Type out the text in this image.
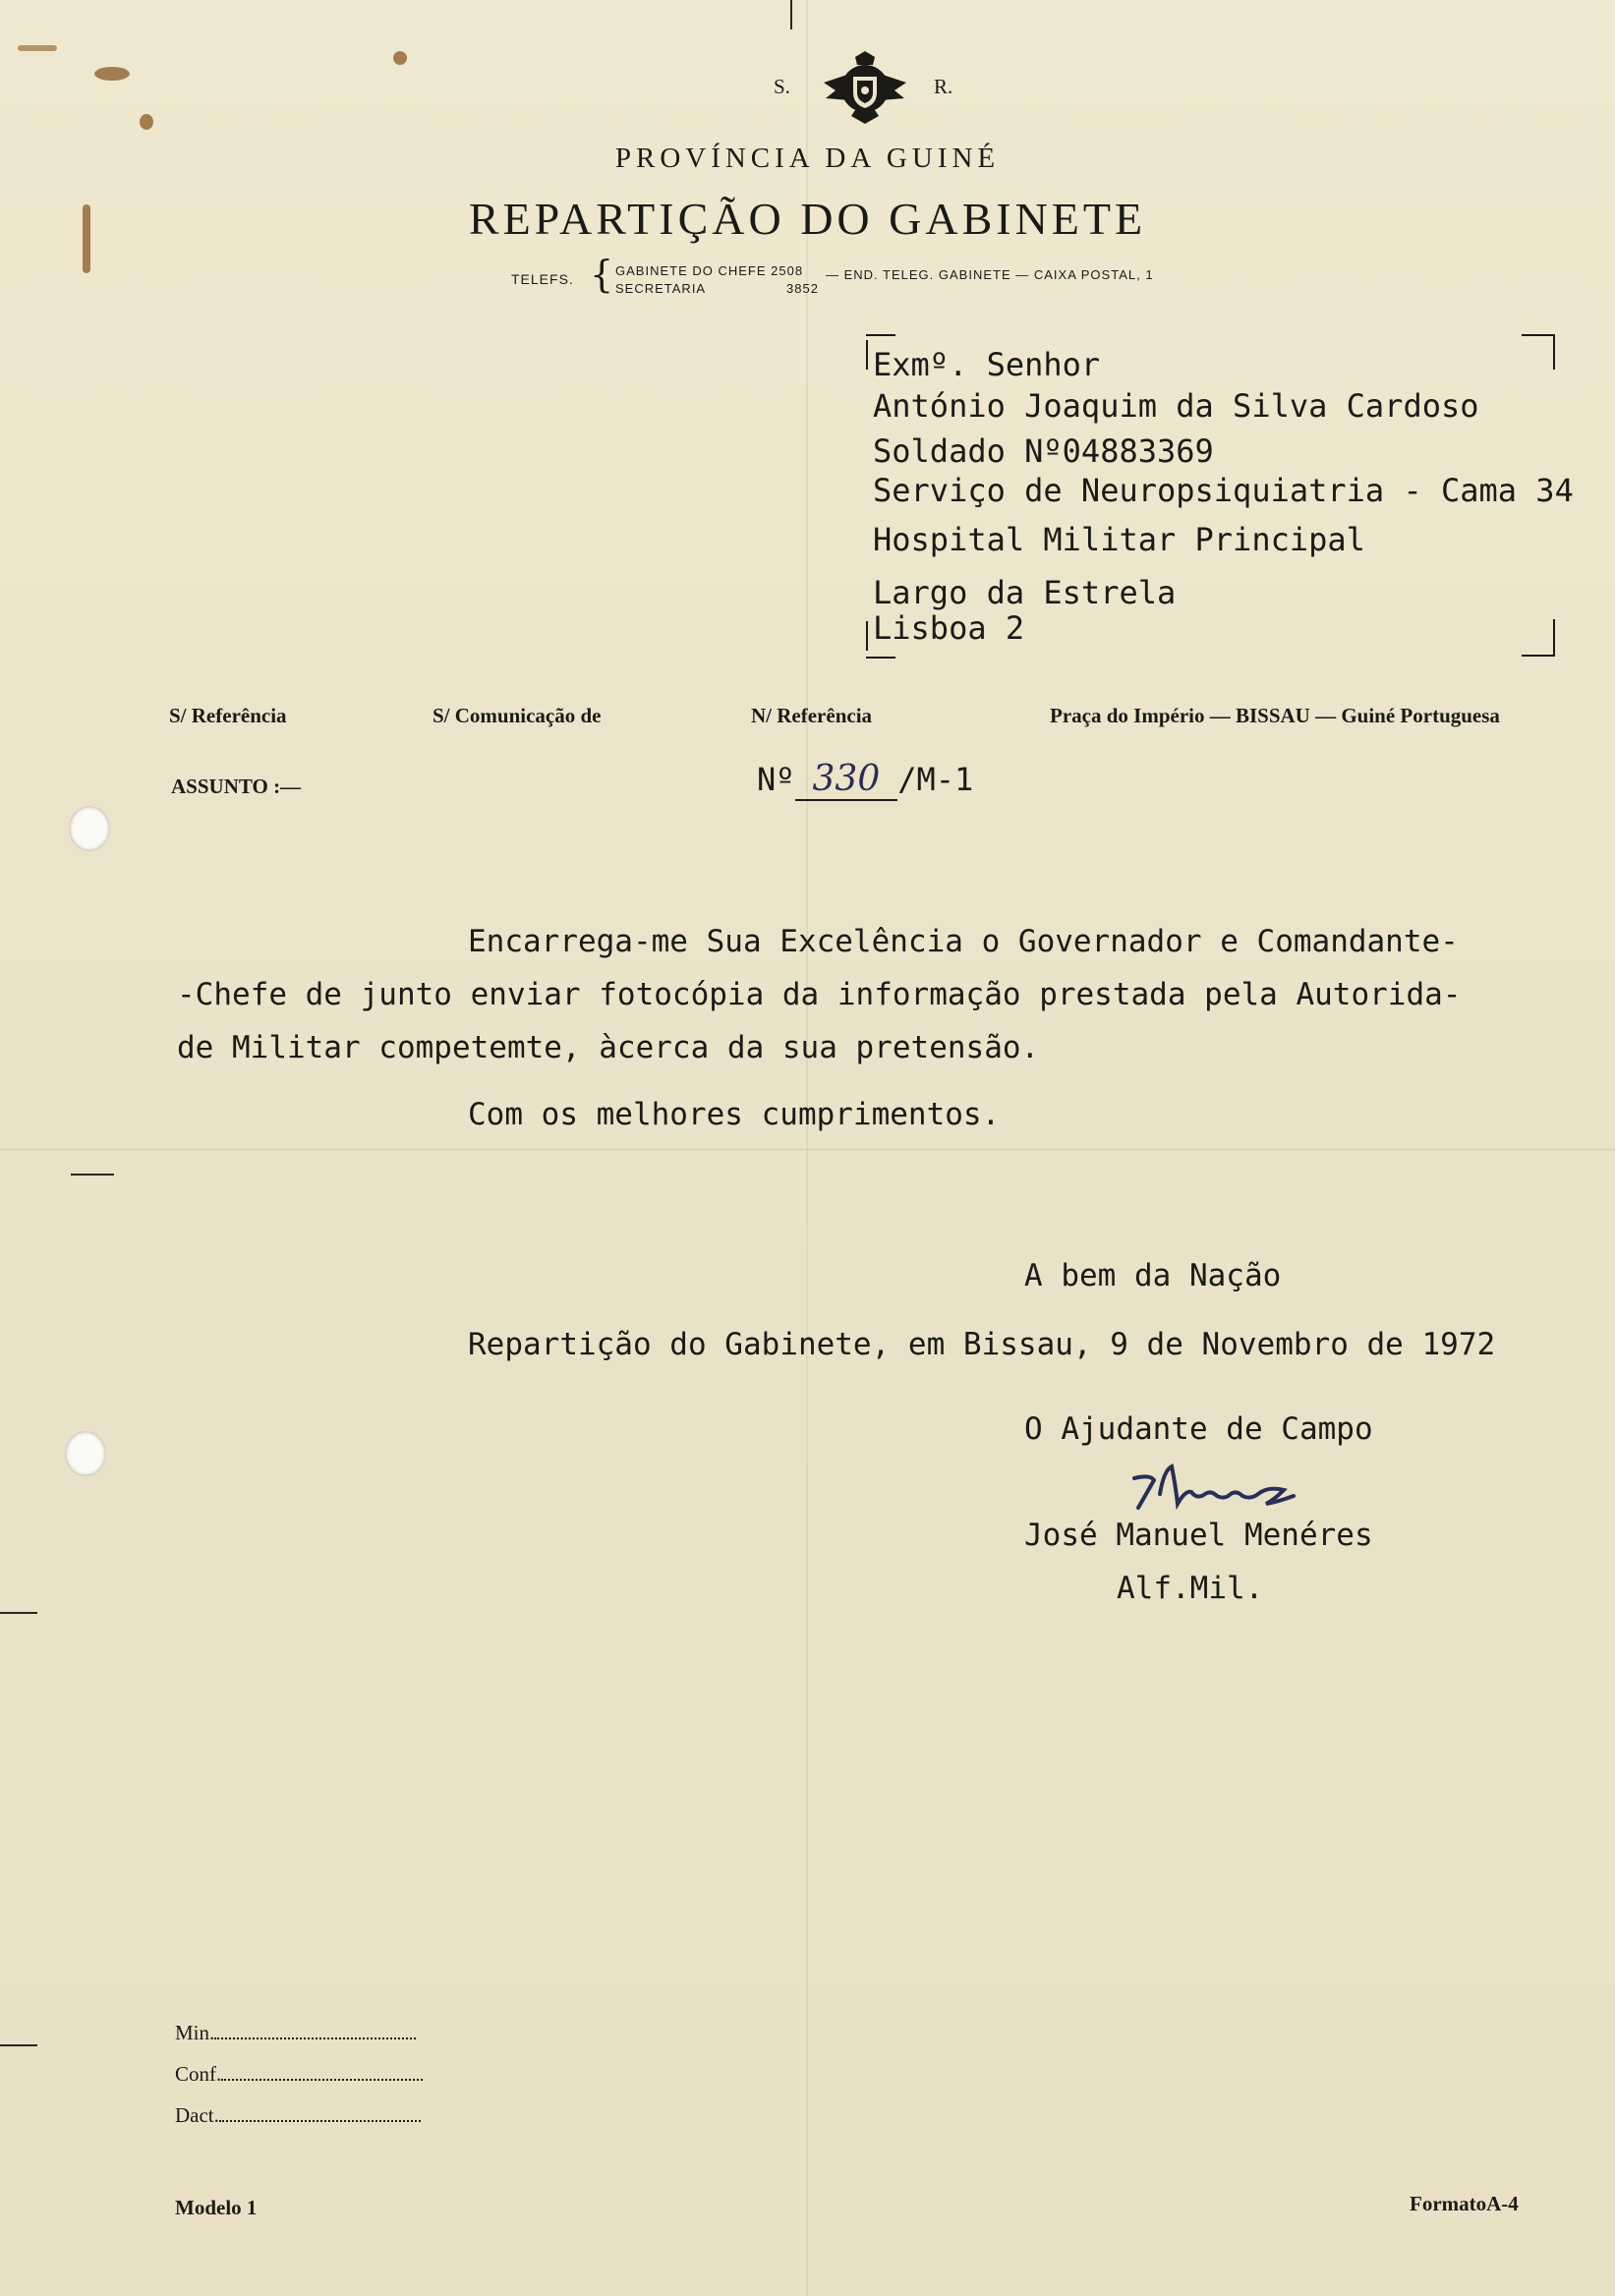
S.	R.
PROVÍNCIA DA GUINÉ
REPARTIÇÃO DO GABINETE
TELEFS. { GABINETE DO CHEFE 2508
SECRETARIA	3852
— END. TELEG. GABINETE — CAIXA POSTAL, 1
Exmº. Senhor
António Joaquim da Silva Cardoso
Soldado Nº04883369
Serviço de Neuropsiquiatria - Cama 34
Hospital Militar Principal
Largo da Estrela
Lisboa 2
S/ Referência	S/ Comunicação de	N/ Referência	Praça do Império — BISSAU — Guiné Portuguesa
ASSUNTO :—	Nº 330 /M-1
Encarrega-me Sua Excelência o Governador e Comandante-
-Chefe de junto enviar fotocópia da informação prestada pela Autorida-
de Militar competemte, àcerca da sua pretensão.
Com os melhores cumprimentos.
A bem da Nação
Repartição do Gabinete, em Bissau, 9 de Novembro de 1972
O Ajudante de Campo
José Manuel Menéres
Alf.Mil.
Min.
Conf.
Dact.
Modelo 1	FormatoA-4
